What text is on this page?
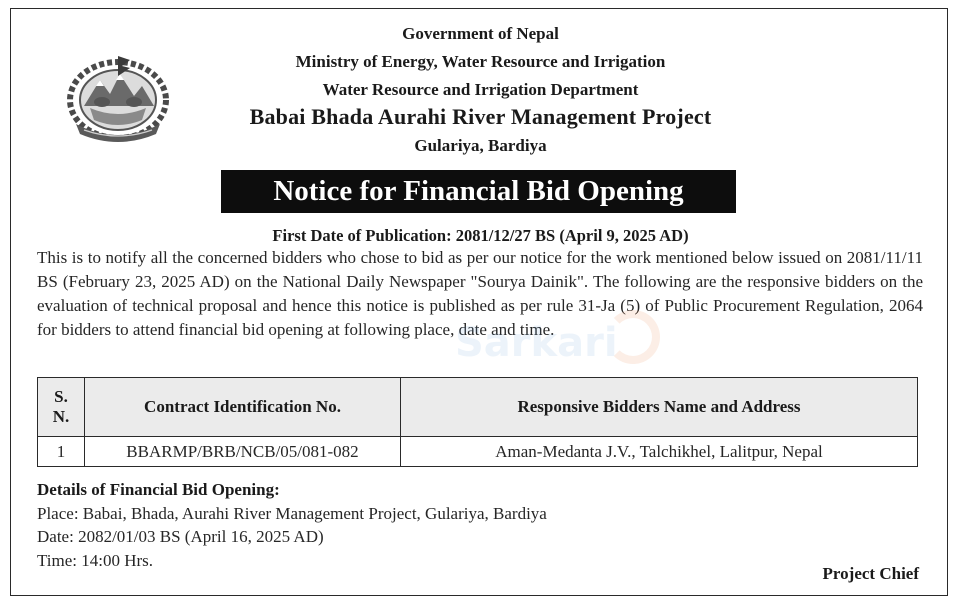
Government of Nepal
Ministry of Energy, Water Resource and Irrigation
Water Resource and Irrigation Department
Babai Bhada Aurahi River Management Project
Gulariya, Bardiya
Notice for Financial Bid Opening
First Date of Publication: 2081/12/27 BS (April 9, 2025 AD)
This is to notify all the concerned bidders who chose to bid as per our notice for the work mentioned below issued on 2081/11/11 BS (February 23, 2025 AD) on the National Daily Newspaper "Sourya Dainik". The following are the responsive bidders on the evaluation of technical proposal and hence this notice is published as per rule 31-Ja (5) of Public Procurement Regulation, 2064 for bidders to attend financial bid opening at following place, date and time.
Sarkari
S.
N.	Contract Identification No.	Responsive Bidders Name and Address
1	BBARMP/BRB/NCB/05/081-082	Aman-Medanta J.V., Talchikhel, Lalitpur, Nepal
Details of Financial Bid Opening:
Place: Babai, Bhada, Aurahi River Management Project, Gulariya, Bardiya
Date: 2082/01/03 BS (April 16, 2025 AD)
Time: 14:00 Hrs.
Project Chief
